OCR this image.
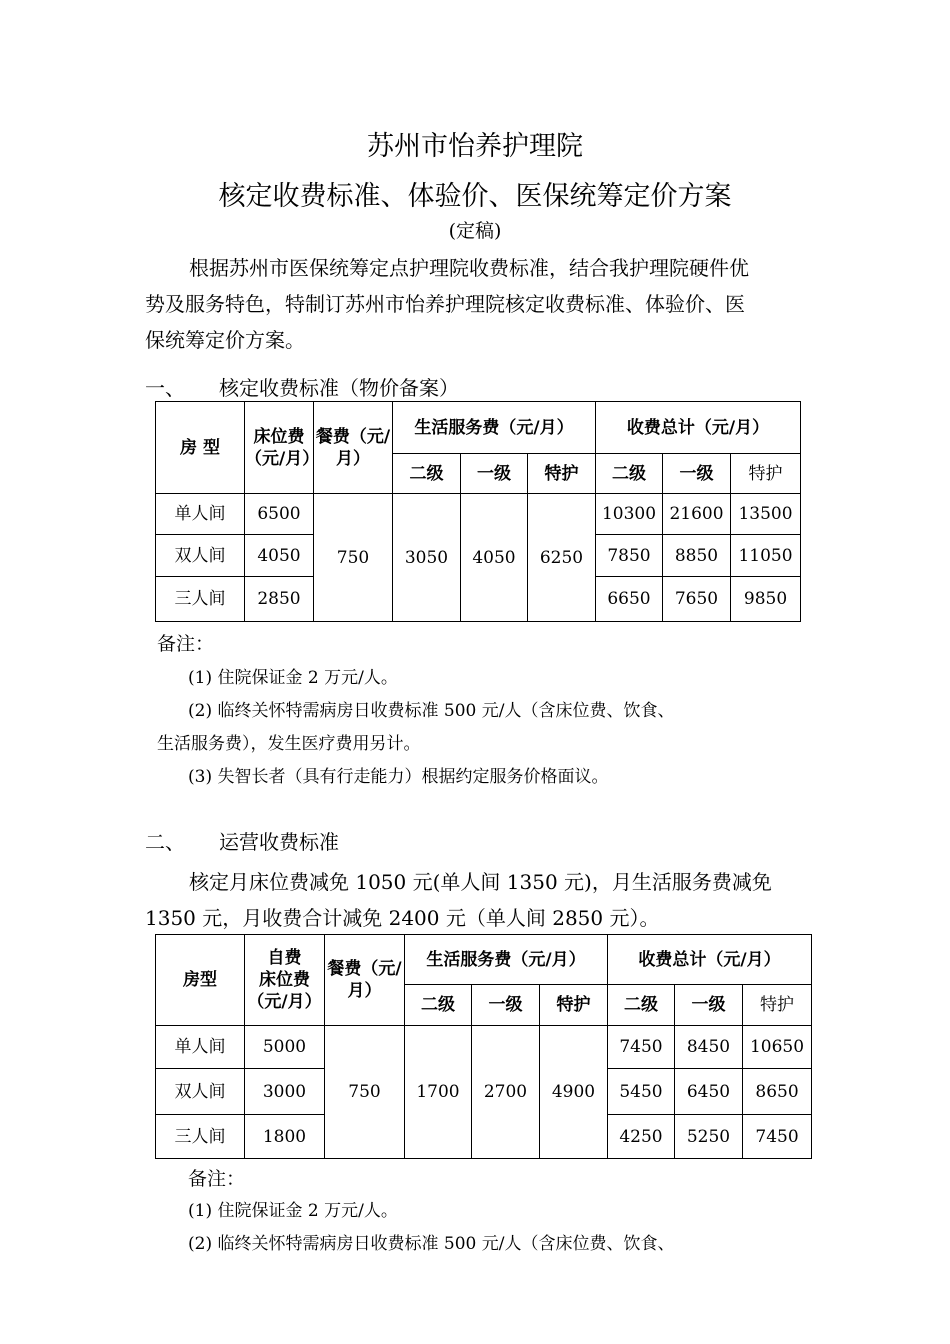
苏州市怡养护理院
核定收费标准、体验价、医保统筹定价方案
(定稿)
根据苏州市医保统筹定点护理院收费标准，结合我护理院硬件优
势及服务特色，特制订苏州市怡养护理院核定收费标准、体验价、医
保统筹定价方案。
一、 核定收费标准（物价备案）
房 型	床位费（元/月）	餐费（元/月）	生活服务费（元/月）			收费总计（元/月）		
			二级	一级	特护	二级	一级	特护
单人间	6500	750	3050	4050	6250	10300	21600	13500
双人间	4050					7850	8850	11050
三人间	2850					6650	7650	9850
备注：
(1) 住院保证金 2 万元/人。
(2) 临终关怀特需病房日收费标准 500 元/人（含床位费、饮食、
生活服务费），发生医疗费用另计。
(3) 失智长者（具有行走能力）根据约定服务价格面议。
二、 运营收费标准
核定月床位费减免 1050 元(单人间 1350 元)，月生活服务费减免
1350 元，月收费合计减免 2400 元（单人间 2850 元）。
房型	自费
床位费
（元/月）	餐费（元/月）	生活服务费（元/月）			收费总计（元/月）		
			二级	一级	特护	二级	一级	特护
单人间	5000	750	1700	2700	4900	7450	8450	10650
双人间	3000					5450	6450	8650
三人间	1800					4250	5250	7450
备注：
(1) 住院保证金 2 万元/人。
(2) 临终关怀特需病房日收费标准 500 元/人（含床位费、饮食、
